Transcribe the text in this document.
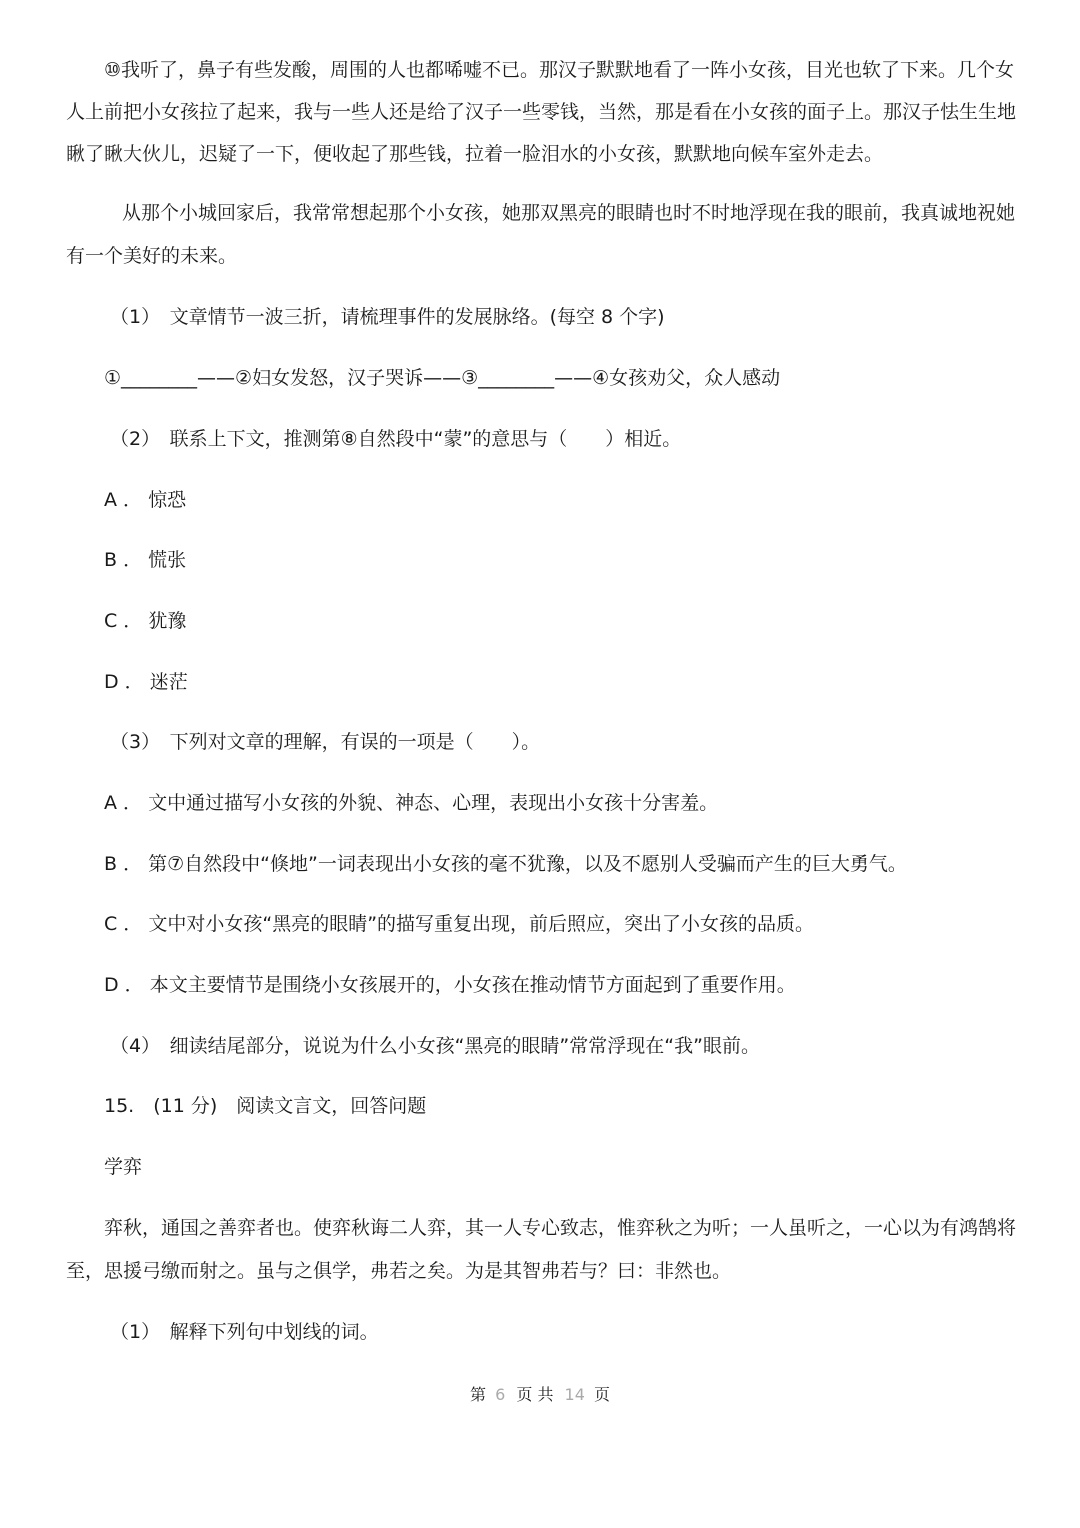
⑩我听了，鼻子有些发酸，周围的人也都唏嘘不已。那汉子默默地看了一阵小女孩，目光也软了下来。几个女
人上前把小女孩拉了起来，我与一些人还是给了汉子一些零钱，当然，那是看在小女孩的面子上。那汉子怯生生地
瞅了瞅大伙儿，迟疑了一下，便收起了那些钱，拉着一脸泪水的小女孩，默默地向候车室外走去。
从那个小城回家后，我常常想起那个小女孩，她那双黑亮的眼睛也时不时地浮现在我的眼前，我真诚地祝她
有一个美好的未来。
（1）　文章情节一波三折，请梳理事件的发展脉络。(每空 8 个字)
①________——②妇女发怒，汉子哭诉——③________——④女孩劝父，众人感动
（2）　联系上下文，推测第⑧自然段中“蒙”的意思与（　　）相近。
A ． 惊恐
B ． 慌张
C ． 犹豫
D ． 迷茫
（3）　下列对文章的理解，有误的一项是（　　）。
A ． 文中通过描写小女孩的外貌、神态、心理，表现出小女孩十分害羞。
B ． 第⑦自然段中“倏地”一词表现出小女孩的毫不犹豫，以及不愿别人受骗而产生的巨大勇气。
C ． 文中对小女孩“黑亮的眼睛”的描写重复出现，前后照应，突出了小女孩的品质。
D ． 本文主要情节是围绕小女孩展开的，小女孩在推动情节方面起到了重要作用。
（4）　细读结尾部分，说说为什么小女孩“黑亮的眼睛”常常浮现在“我”眼前。
15.　(11 分)　阅读文言文，回答问题
学弈
弈秋，通国之善弈者也。使弈秋诲二人弈，其一人专心致志，惟弈秋之为听；一人虽听之，一心以为有鸿鹄将
至，思援弓缴而射之。虽与之俱学，弗若之矣。为是其智弗若与？曰：非然也。
（1）　解释下列句中划线的词。
第 6 页 共 14 页
